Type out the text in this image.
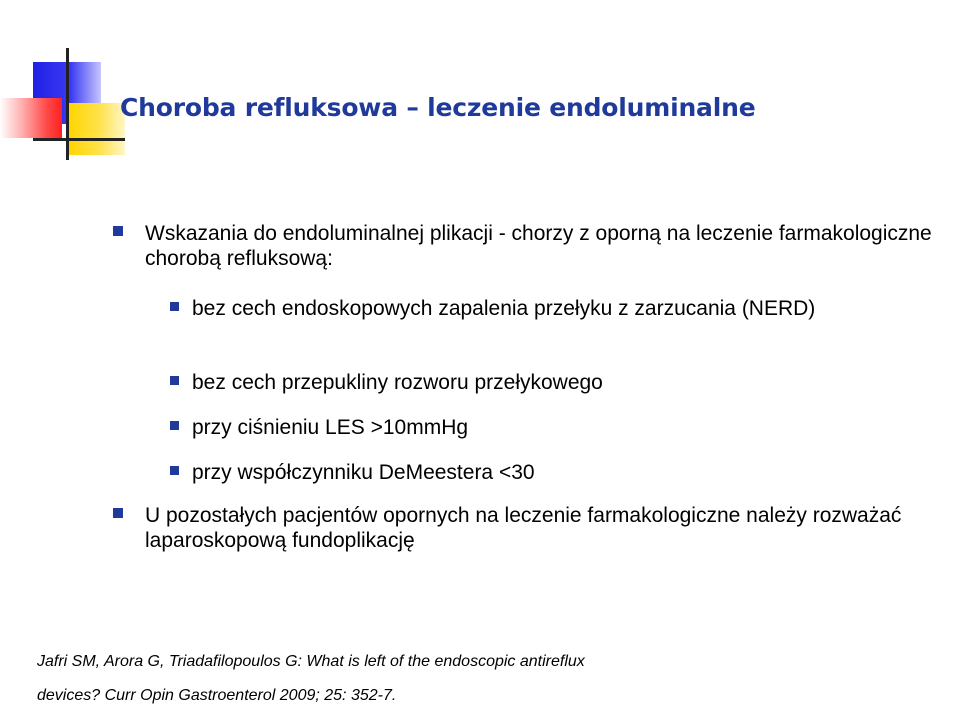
Choroba refluksowa – leczenie endoluminalne
Wskazania do endoluminalnej plikacji - chorzy z oporną na leczenie farmakologiczne chorobą refluksową:
bez cech endoskopowych zapalenia przełyku z zarzucania (NERD)
bez cech przepukliny rozworu przełykowego
przy ciśnieniu LES >10mmHg
przy współczynniku DeMeestera <30
U pozostałych pacjentów opornych na leczenie farmakologiczne należy rozważać laparoskopową fundoplikację
Jafri SM, Arora G, Triadafilopoulos G: What is left of the endoscopic antireflux
devices? Curr Opin Gastroenterol 2009; 25: 352-7.
